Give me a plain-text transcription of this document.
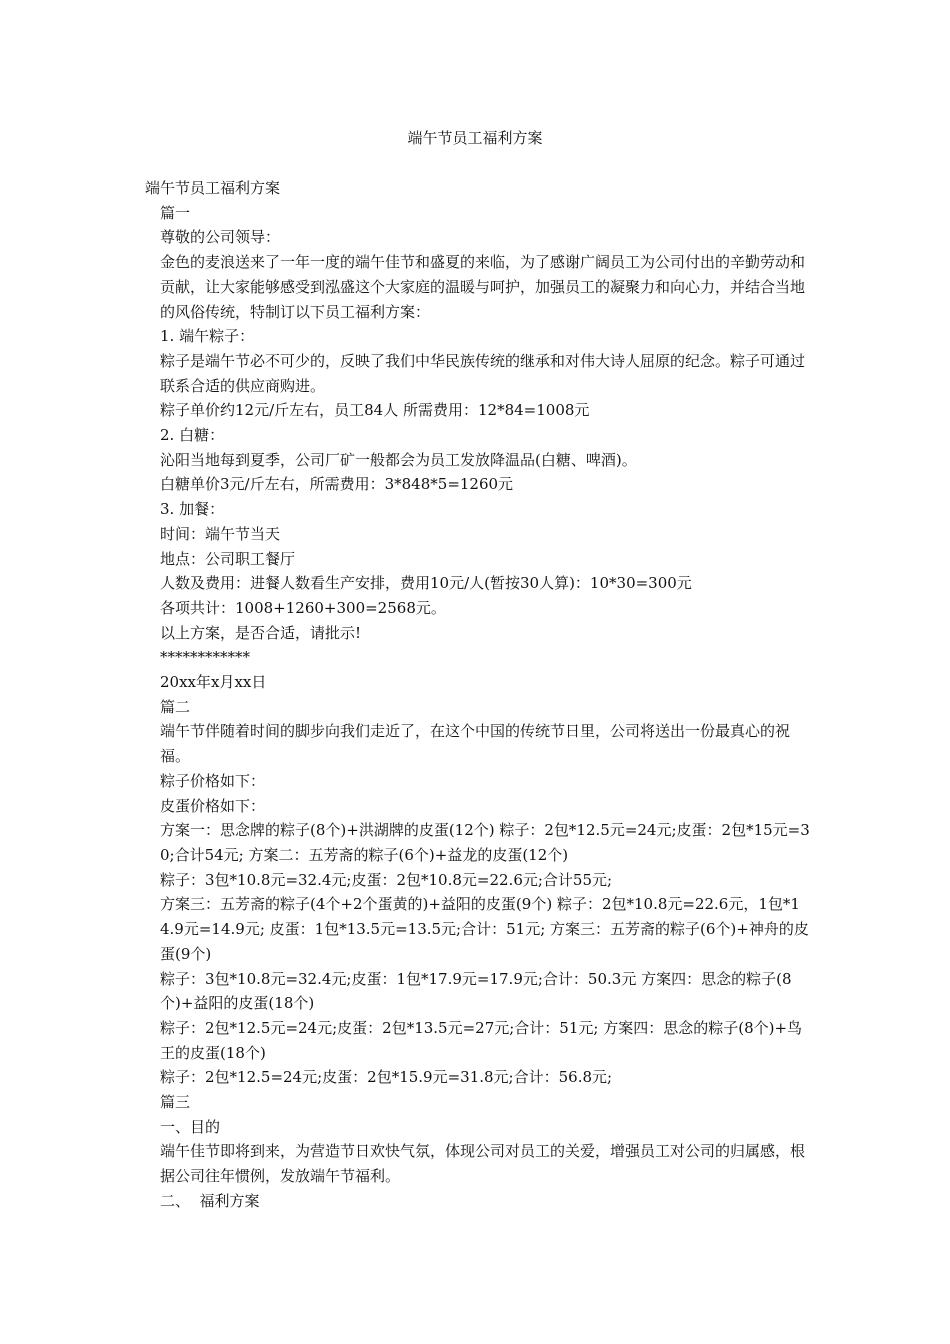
端午节员工福利方案

端午节员工福利方案

篇一

尊敬的公司领导：

金色的麦浪送来了一年一度的端午佳节和盛夏的来临，为了感谢广阔员工为公司付出的辛勤劳动和贡献，让大家能够感受到泓盛这个大家庭的温暖与呵护，加强员工的凝聚力和向心力，并结合当地的风俗传统，特制订以下员工福利方案：

1. 端午粽子：

粽子是端午节必不可少的，反映了我们中华民族传统的继承和对伟大诗人屈原的纪念。粽子可通过联系合适的供应商购进。

粽子单价约12元/斤左右，员工84人 所需费用：12*84=1008元

2. 白糖：

沁阳当地每到夏季，公司厂矿一般都会为员工发放降温品(白糖、啤酒)。

白糖单价3元/斤左右，所需费用：3*848*5=1260元

3. 加餐：

时间：端午节当天

地点：公司职工餐厅

人数及费用：进餐人数看生产安排，费用10元/人(暂按30人算)：10*30=300元

各项共计：1008+1260+300=2568元。

以上方案，是否合适，请批示!

************

20xx年x月xx日

篇二

端午节伴随着时间的脚步向我们走近了，在这个中国的传统节日里，公司将送出一份最真心的祝福。

粽子价格如下：

皮蛋价格如下：

方案一：思念牌的粽子(8个)+洪湖牌的皮蛋(12个) 粽子：2包*12.5元=24元;皮蛋：2包*15元=30;合计54元; 方案二：五芳斋的粽子(6个)+益龙的皮蛋(12个)

粽子：3包*10.8元=32.4元;皮蛋：2包*10.8元=22.6元;合计55元;

方案三：五芳斋的粽子(4个+2个蛋黄的)+益阳的皮蛋(9个) 粽子：2包*10.8元=22.6元，1包*14.9元=14.9元; 皮蛋：1包*13.5元=13.5元;合计：51元; 方案三：五芳斋的粽子(6个)+神舟的皮蛋(9个)

粽子：3包*10.8元=32.4元;皮蛋：1包*17.9元=17.9元;合计：50.3元 方案四：思念的粽子(8个)+益阳的皮蛋(18个)

粽子：2包*12.5元=24元;皮蛋：2包*13.5元=27元;合计：51元; 方案四：思念的粽子(8个)+鸟王的皮蛋(18个)

粽子：2包*12.5=24元;皮蛋：2包*15.9元=31.8元;合计：56.8元;

篇三

一、目的

端午佳节即将到来，为营造节日欢快气氛，体现公司对员工的关爱，增强员工对公司的归属感，根据公司往年惯例，发放端午节福利。

二、  福利方案
